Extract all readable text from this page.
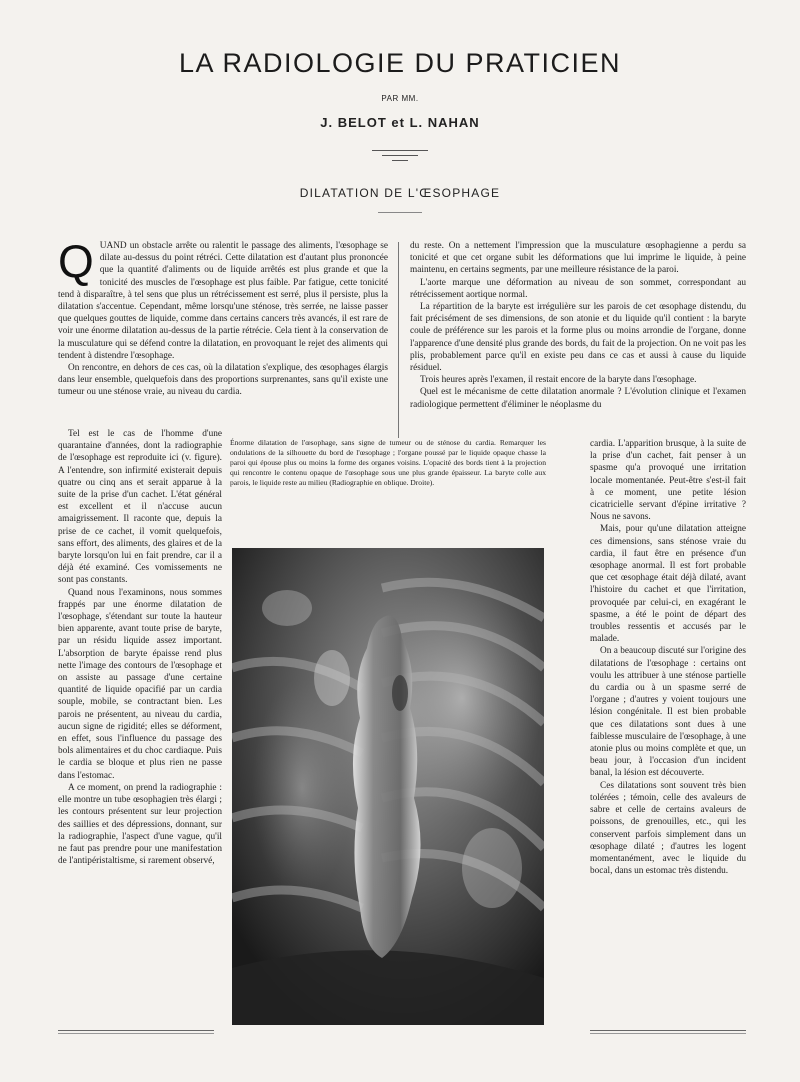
LA RADIOLOGIE DU PRATICIEN
PAR MM.
J. BELOT et L. NAHAN
DILATATION DE L'ŒSOPHAGE
Q UAND un obstacle arrête ou ralentit le passage des aliments, l'œsophage se dilate au-dessus du point rétréci. Cette dilatation est d'autant plus prononcée que la quantité d'aliments ou de liquide arrêtés est plus grande et que la tonicité des muscles de l'œsophage est plus faible. Par fatigue, cette tonicité tend à disparaître, à tel sens que plus un rétrécissement est serré, plus il persiste, plus la dilatation s'accentue. Cependant, même lorsqu'une sténose, très serrée, ne laisse passer que quelques gouttes de liquide, comme dans certains cancers très avancés, il est rare de voir une énorme dilatation au-dessus de la partie rétrécie. Cela tient à la conservation de la musculature qui se défend contre la dilatation, en provoquant le rejet des aliments qui tendent à distendre l'œsophage.

On rencontre, en dehors de ces cas, où la dilatation s'explique, des œsophages élargis dans leur ensemble, quelquefois dans des proportions surprenantes, sans qu'il existe une tumeur ou une sténose vraie, au niveau du cardia.

Tel est le cas de l'homme d'une quarantaine d'années, dont la radiographie de l'œsophage est reproduite ici (v. figure). A l'entendre, son infirmité existerait depuis quatre ou cinq ans et serait apparue à la suite de la prise d'un cachet. L'état général est excellent et il n'accuse aucun amaigrissement. Il raconte que, depuis la prise de ce cachet, il vomit quelquefois, sans effort, des aliments, des glaires et de la baryte lorsqu'on lui en fait prendre, car il a déjà été examiné. Ces vomissements ne sont pas constants.

Quand nous l'examinons, nous sommes frappés par une énorme dilatation de l'œsophage, s'étendant sur toute la hauteur bien apparente, avant toute prise de baryte, par un résidu liquide assez important. L'absorption de baryte épaisse rend plus nette l'image des contours de l'œsophage et on assiste au passage d'une certaine quantité de liquide opacifié par un cardia souple, mobile, se contractant bien. Les parois ne présentent, au niveau du cardia, aucun signe de rigidité; elles se déforment, en effet, sous l'influence du passage des bols alimentaires et du choc cardiaque. Puis le cardia se bloque et plus rien ne passe dans l'estomac.

A ce moment, on prend la radiographie : elle montre un tube œsophagien très élargi ; les contours présentent sur leur projection des saillies et des dépressions, donnant, sur la radiographie, l'aspect d'une vague, qu'il ne faut pas prendre pour une manifestation de l'antipéristaltisme, si rarement observé,

du reste. On a nettement l'impression que la musculature œsophagienne a perdu sa tonicité et que cet organe subit les déformations que lui imprime le liquide, à peine maintenu, en certains segments, par une meilleure résistance de la paroi.

L'aorte marque une déformation au niveau de son sommet, correspondant au rétrécissement aortique normal.

La répartition de la baryte est irrégulière sur les parois de cet œsophage distendu, du fait précisément de ses dimensions, de son atonie et du liquide qu'il contient : la baryte coule de préférence sur les parois et la forme plus ou moins arrondie de l'organe, donne l'apparence d'une densité plus grande des bords, du fait de la projection. On ne voit pas les plis, probablement parce qu'il en existe peu dans ce cas et aussi à cause du liquide résiduel.

Trois heures après l'examen, il restait encore de la baryte dans l'œsophage.

Quel est le mécanisme de cette dilatation anormale ? L'évolution clinique et l'examen radiologique permettent d'éliminer le néoplasme du

Énorme dilatation de l'œsophage, sans signe de tumeur ou de sténose du cardia. Remarquer les ondulations de la silhouette du bord de l'œsophage ; l'organe poussé par le liquide opaque chasse la paroi qui épouse plus ou moins la forme des organes voisins. L'opacité des bords tient à la projection qui rencontre le contenu opaque de l'œsophage sous une plus grande épaisseur. La baryte colle aux parois, le liquide reste au milieu (Radiographie en oblique. Droite).

cardia. L'apparition brusque, à la suite de la prise d'un cachet, fait penser à un spasme qu'a provoqué une irritation locale momentanée. Peut-être s'est-il fait à ce moment, une petite lésion cicatricielle servant d'épine irritative ? Nous ne savons.

Mais, pour qu'une dilatation atteigne ces dimensions, sans sténose vraie du cardia, il faut être en présence d'un œsophage anormal. Il est fort probable que cet œsophage était déjà dilaté, avant l'histoire du cachet et que l'irritation, provoquée par celui-ci, en exagérant le spasme, a été le point de départ des troubles ressentis et accusés par le malade.

On a beaucoup discuté sur l'origine des dilatations de l'œsophage : certains ont voulu les attribuer à une sténose partielle du cardia ou à un spasme serré de l'organe ; d'autres y voient toujours une lésion congénitale. Il est bien probable que ces dilatations sont dues à une faiblesse musculaire de l'œsophage, à une atonie plus ou moins complète et que, un beau jour, à l'occasion d'un incident banal, la lésion est découverte.

Ces dilatations sont souvent très bien tolérées ; témoin, celle des avaleurs de sabre et celle de certains avaleurs de poissons, de grenouilles, etc., qui les conservent parfois simplement dans un œsophage dilaté ; d'autres les logent momentanément, avec le liquide du bocal, dans un estomac très distendu.
